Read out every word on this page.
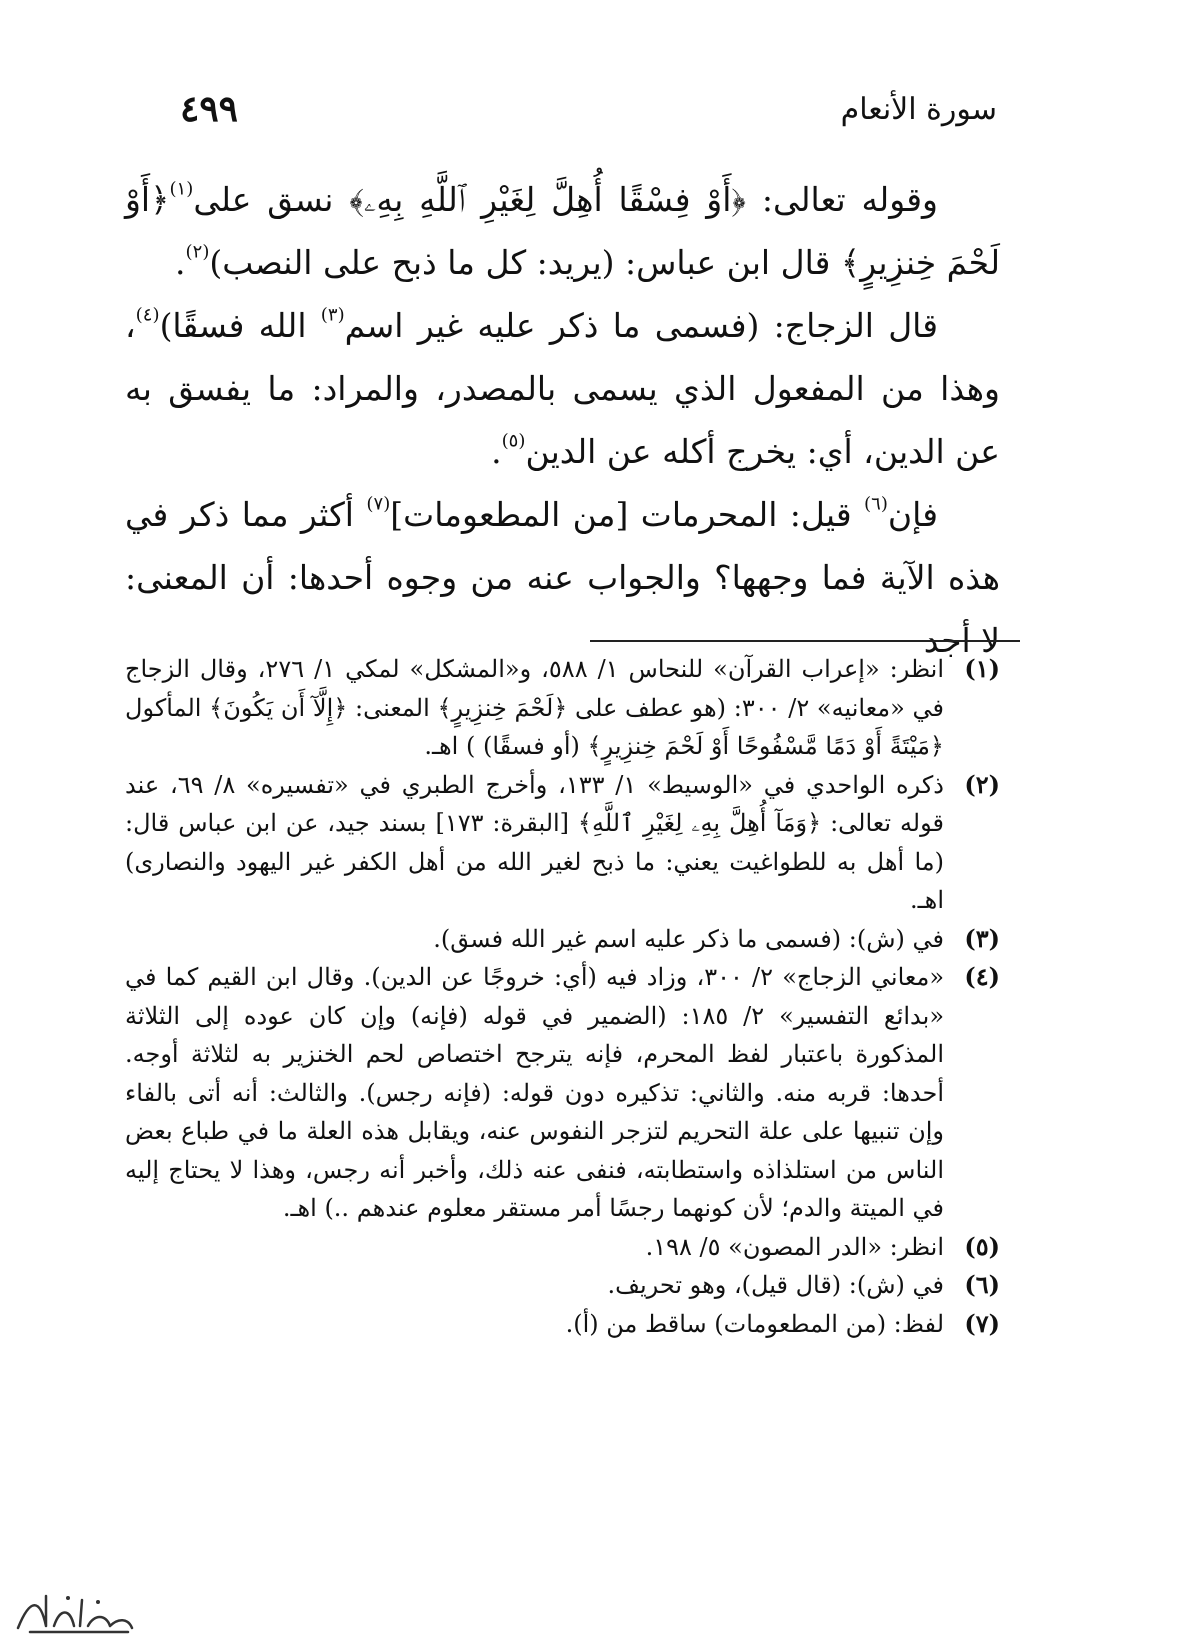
سورة الأنعام
٤٩٩

وقوله تعالى: ﴿أَوْ فِسْقًا أُهِلَّ لِغَيْرِ ٱللَّهِ بِهِۦ﴾ نسق على$^{(١)}$﴿أَوْ لَحْمَ خِنزِيرٍ﴾ قال ابن عباس: (يريد: كل ما ذبح على النصب)$^{(٢)}$.

قال الزجاج: (فسمى ما ذكر عليه غير اسم$^{(٣)}$ الله فسقًا)$^{(٤)}$، وهذا من المفعول الذي يسمى بالمصدر، والمراد: ما يفسق به عن الدين، أي: يخرج أكله عن الدين$^{(٥)}$.

فإن$^{(٦)}$ قيل: المحرمات [من المطعومات]$^{(٧)}$ أكثر مما ذكر في هذه الآية فما وجهها؟ والجواب عنه من وجوه أحدها: أن المعنى: لا أجد

(١)
انظر: «إعراب القرآن» للنحاس ١/ ٥٨٨، و«المشكل» لمكي ١/ ٢٧٦، وقال الزجاج في «معانيه» ٢/ ٣٠٠: (هو عطف على ﴿لَحْمَ خِنزِيرٍ﴾ المعنى: ﴿إِلَّآ أَن يَكُونَ﴾ المأكول ﴿مَيْتَةً أَوْ دَمًا مَّسْفُوحًا أَوْ لَحْمَ خِنزِيرٍ﴾ (أو فسقًا) ) اهـ.
(٢)
ذكره الواحدي في «الوسيط» ١/ ١٣٣، وأخرج الطبري في «تفسيره» ٨/ ٦٩، عند قوله تعالى: ﴿وَمَآ أُهِلَّ بِهِۦ لِغَيْرِ ٱللَّهِ﴾ [البقرة: ١٧٣] بسند جيد، عن ابن عباس قال: (ما أهل به للطواغيت يعني: ما ذبح لغير الله من أهل الكفر غير اليهود والنصارى) اهـ.
(٣)
في (ش): (فسمى ما ذكر عليه اسم غير الله فسق).
(٤)
«معاني الزجاج» ٢/ ٣٠٠، وزاد فيه (أي: خروجًا عن الدين). وقال ابن القيم كما في «بدائع التفسير» ٢/ ١٨٥: (الضمير في قوله (فإنه) وإن كان عوده إلى الثلاثة المذكورة باعتبار لفظ المحرم، فإنه يترجح اختصاص لحم الخنزير به لثلاثة أوجه. أحدها: قربه منه. والثاني: تذكيره دون قوله: (فإنه رجس). والثالث: أنه أتى بالفاء وإن تنبيها على علة التحريم لتزجر النفوس عنه، ويقابل هذه العلة ما في طباع بعض الناس من استلذاذه واستطابته، فنفى عنه ذلك، وأخبر أنه رجس، وهذا لا يحتاج إليه في الميتة والدم؛ لأن كونهما رجسًا أمر مستقر معلوم عندهم ..) اهـ.
(٥)
انظر: «الدر المصون» ٥/ ١٩٨.
(٦)
في (ش): (قال قيل)، وهو تحريف.
(٧)
لفظ: (من المطعومات) ساقط من (أ).
